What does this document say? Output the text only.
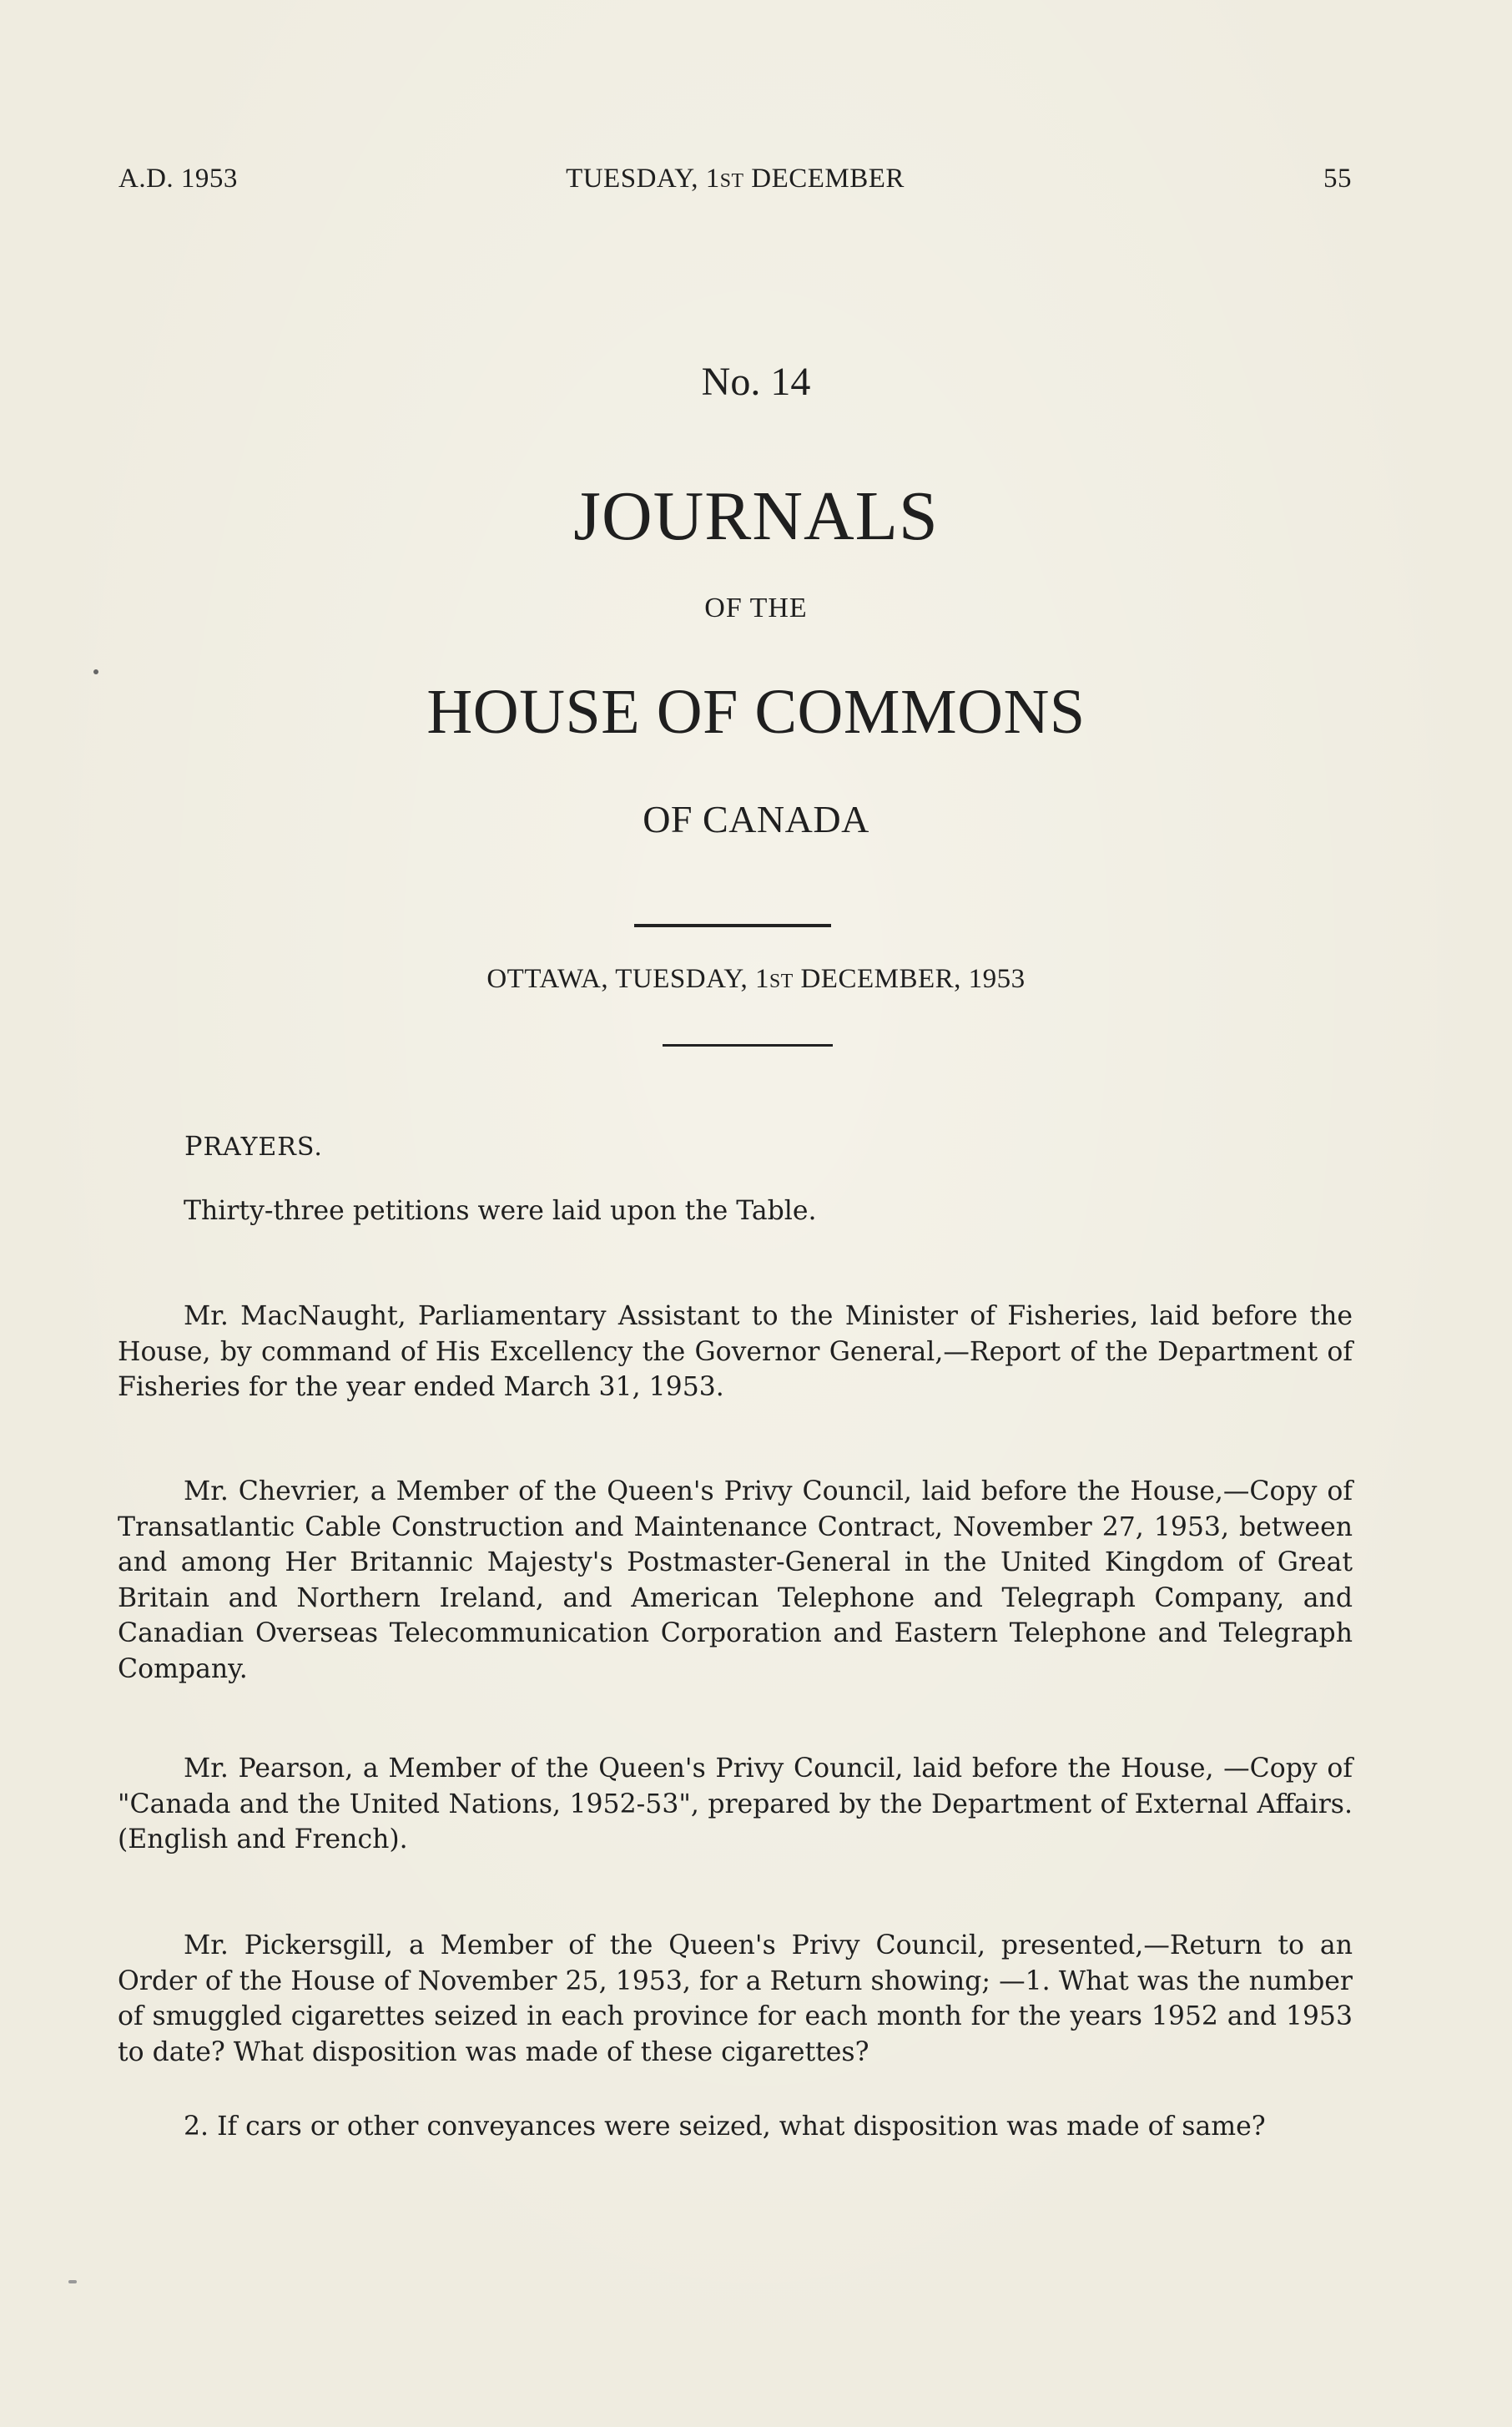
A.D. 1953	TUESDAY, 1ST DECEMBER	55
No. 14
JOURNALS
OF THE
HOUSE OF COMMONS
OF CANADA
OTTAWA, TUESDAY, 1ST DECEMBER, 1953
PRAYERS.

Thirty-three petitions were laid upon the Table.

Mr. MacNaught, Parliamentary Assistant to the Minister of Fisheries, laid before the House, by command of His Excellency the Governor General,—Report of the Department of Fisheries for the year ended March 31, 1953.

Mr. Chevrier, a Member of the Queen's Privy Council, laid before the House,—Copy of Transatlantic Cable Construction and Maintenance Contract, November 27, 1953, between and among Her Britannic Majesty's Postmaster-General in the United Kingdom of Great Britain and Northern Ireland, and American Telephone and Telegraph Company, and Canadian Overseas Telecommunication Corporation and Eastern Telephone and Telegraph Company.

Mr. Pearson, a Member of the Queen's Privy Council, laid before the House, —Copy of "Canada and the United Nations, 1952-53", prepared by the Department of External Affairs. (English and French).

Mr. Pickersgill, a Member of the Queen's Privy Council, presented,—Return to an Order of the House of November 25, 1953, for a Return showing; —1. What was the number of smuggled cigarettes seized in each province for each month for the years 1952 and 1953 to date? What disposition was made of these cigarettes?

2. If cars or other conveyances were seized, what disposition was made of same?
